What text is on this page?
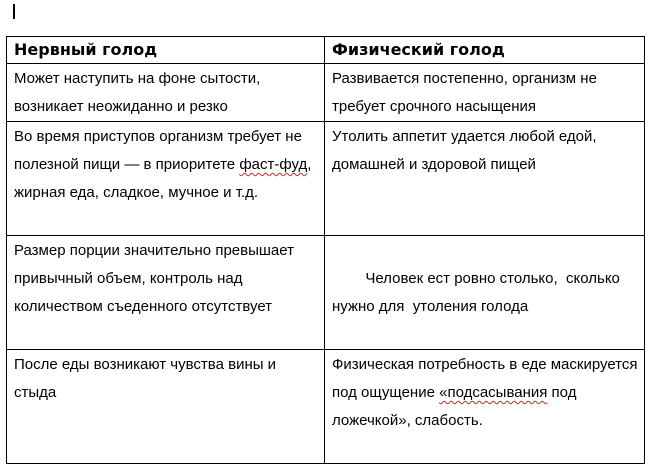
Нервный голод	Физический голод
Может наступить на фоне сытости, возникает неожиданно и резко	Развивается постепенно, организм не требует срочного насыщения
Во время приступов организм требует не полезной пищи — в приоритете фаст-фуд, жирная еда, сладкое, мучное и т.д.	Утолить аппетит удается любой едой, домашней и здоровой пищей
Размер порции значительно превышает привычный объем, контроль над количеством съеденного отсутствует	Человек ест ровно столько,  сколько нужно для  утоления голода

После еды возникают чувства вины и стыда	Физическая потребность в еде маскируется под ощущение «подсасывания под ложечкой», слабость.
